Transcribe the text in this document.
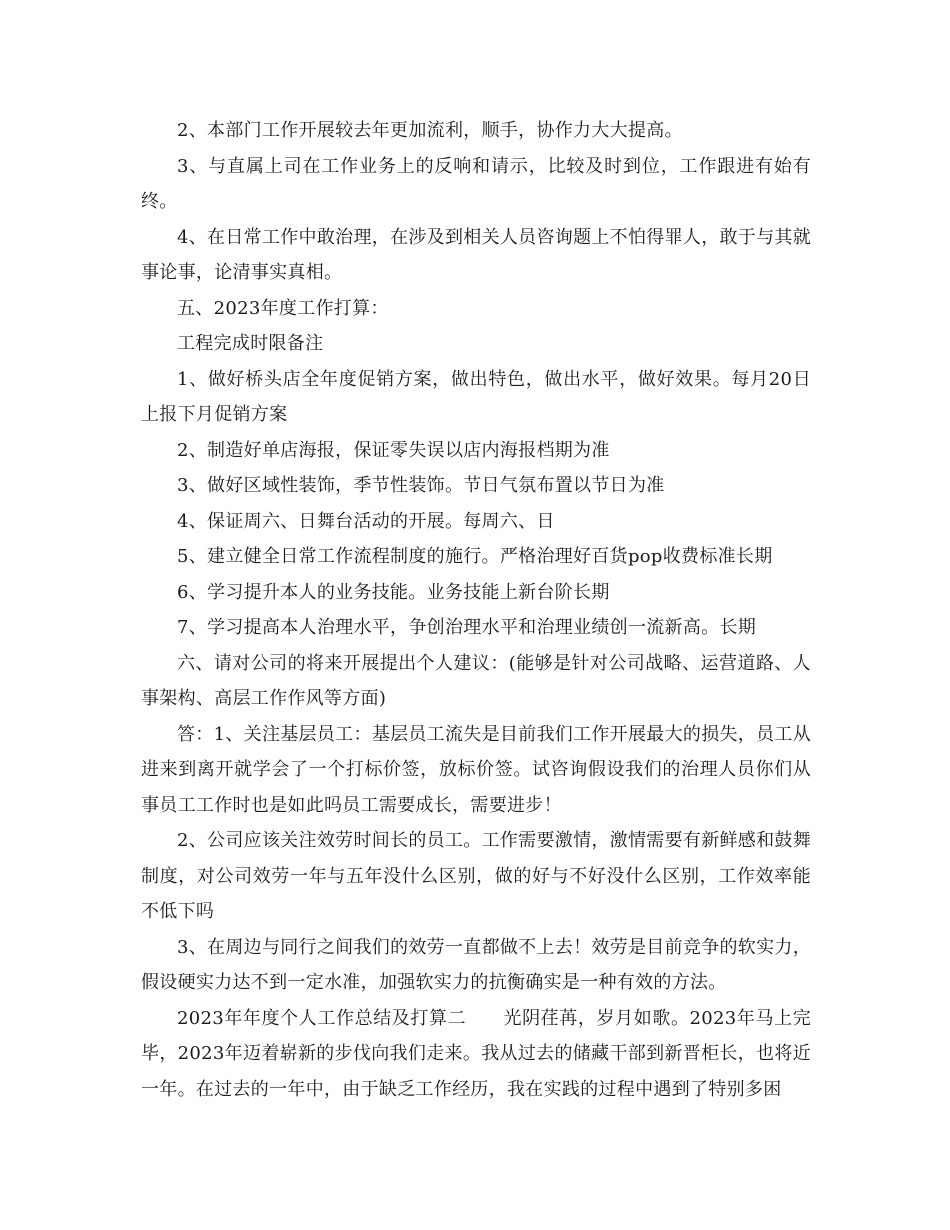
2、本部门工作开展较去年更加流利，顺手，协作力大大提高。

3、与直属上司在工作业务上的反响和请示，比较及时到位，工作跟进有始有终。

4、在日常工作中敢治理，在涉及到相关人员咨询题上不怕得罪人，敢于与其就事论事，论清事实真相。

五、2023年度工作打算：

工程完成时限备注

1、做好桥头店全年度促销方案，做出特色，做出水平，做好效果。每月20日上报下月促销方案

2、制造好单店海报，保证零失误以店内海报档期为准

3、做好区域性装饰，季节性装饰。节日气氛布置以节日为准

4、保证周六、日舞台活动的开展。每周六、日

5、建立健全日常工作流程制度的施行。严格治理好百货pop收费标准长期

6、学习提升本人的业务技能。业务技能上新台阶长期

7、学习提高本人治理水平，争创治理水平和治理业绩创一流新高。长期

六、请对公司的将来开展提出个人建议：(能够是针对公司战略、运营道路、人事架构、高层工作作风等方面)

答：1、关注基层员工：基层员工流失是目前我们工作开展最大的损失，员工从进来到离开就学会了一个打标价签，放标价签。试咨询假设我们的治理人员你们从事员工工作时也是如此吗员工需要成长，需要进步！

2、公司应该关注效劳时间长的员工。工作需要激情，激情需要有新鲜感和鼓舞制度，对公司效劳一年与五年没什么区别，做的好与不好没什么区别，工作效率能不低下吗

3、在周边与同行之间我们的效劳一直都做不上去！效劳是目前竞争的软实力，假设硬实力达不到一定水准，加强软实力的抗衡确实是一种有效的方法。

2023年年度个人工作总结及打算二　　光阴荏苒，岁月如歌。2023年马上完毕，2023年迈着崭新的步伐向我们走来。我从过去的储藏干部到新晋柜长，也将近一年。在过去的一年中，由于缺乏工作经历，我在实践的过程中遇到了特别多困
